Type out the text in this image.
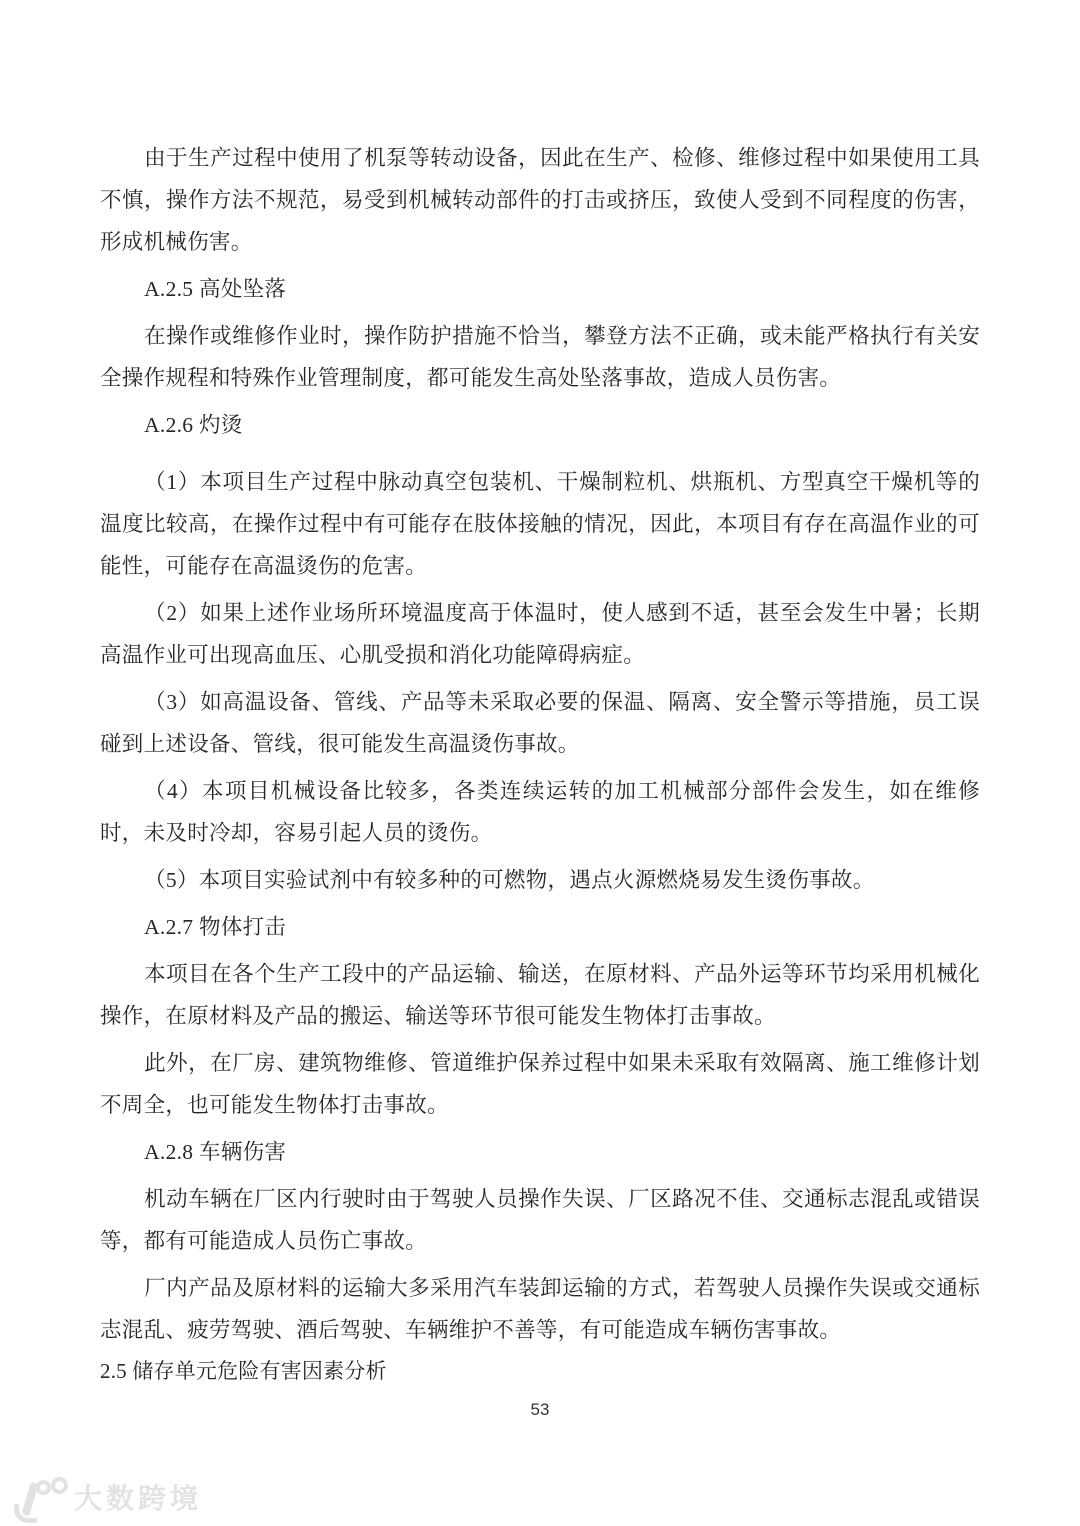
由于生产过程中使用了机泵等转动设备，因此在生产、检修、维修过程中如果使用工具不慎，操作方法不规范，易受到机械转动部件的打击或挤压，致使人受到不同程度的伤害，形成机械伤害。

A.2.5 高处坠落

在操作或维修作业时，操作防护措施不恰当，攀登方法不正确，或未能严格执行有关安全操作规程和特殊作业管理制度，都可能发生高处坠落事故，造成人员伤害。

A.2.6 灼烫

（1）本项目生产过程中脉动真空包装机、干燥制粒机、烘瓶机、方型真空干燥机等的温度比较高，在操作过程中有可能存在肢体接触的情况，因此，本项目有存在高温作业的可能性，可能存在高温烫伤的危害。

（2）如果上述作业场所环境温度高于体温时，使人感到不适，甚至会发生中暑；长期高温作业可出现高血压、心肌受损和消化功能障碍病症。

（3）如高温设备、管线、产品等未采取必要的保温、隔离、安全警示等措施，员工误碰到上述设备、管线，很可能发生高温烫伤事故。

（4）本项目机械设备比较多，各类连续运转的加工机械部分部件会发生，如在维修时，未及时冷却，容易引起人员的烫伤。

（5）本项目实验试剂中有较多种的可燃物，遇点火源燃烧易发生烫伤事故。

A.2.7 物体打击

本项目在各个生产工段中的产品运输、输送，在原材料、产品外运等环节均采用机械化操作，在原材料及产品的搬运、输送等环节很可能发生物体打击事故。

此外，在厂房、建筑物维修、管道维护保养过程中如果未采取有效隔离、施工维修计划不周全，也可能发生物体打击事故。

A.2.8 车辆伤害

机动车辆在厂区内行驶时由于驾驶人员操作失误、厂区路况不佳、交通标志混乱或错误等，都有可能造成人员伤亡事故。

厂内产品及原材料的运输大多采用汽车装卸运输的方式，若驾驶人员操作失误或交通标志混乱、疲劳驾驶、酒后驾驶、车辆维护不善等，有可能造成车辆伤害事故。

2.5 储存单元危险有害因素分析

53
大数跨境
